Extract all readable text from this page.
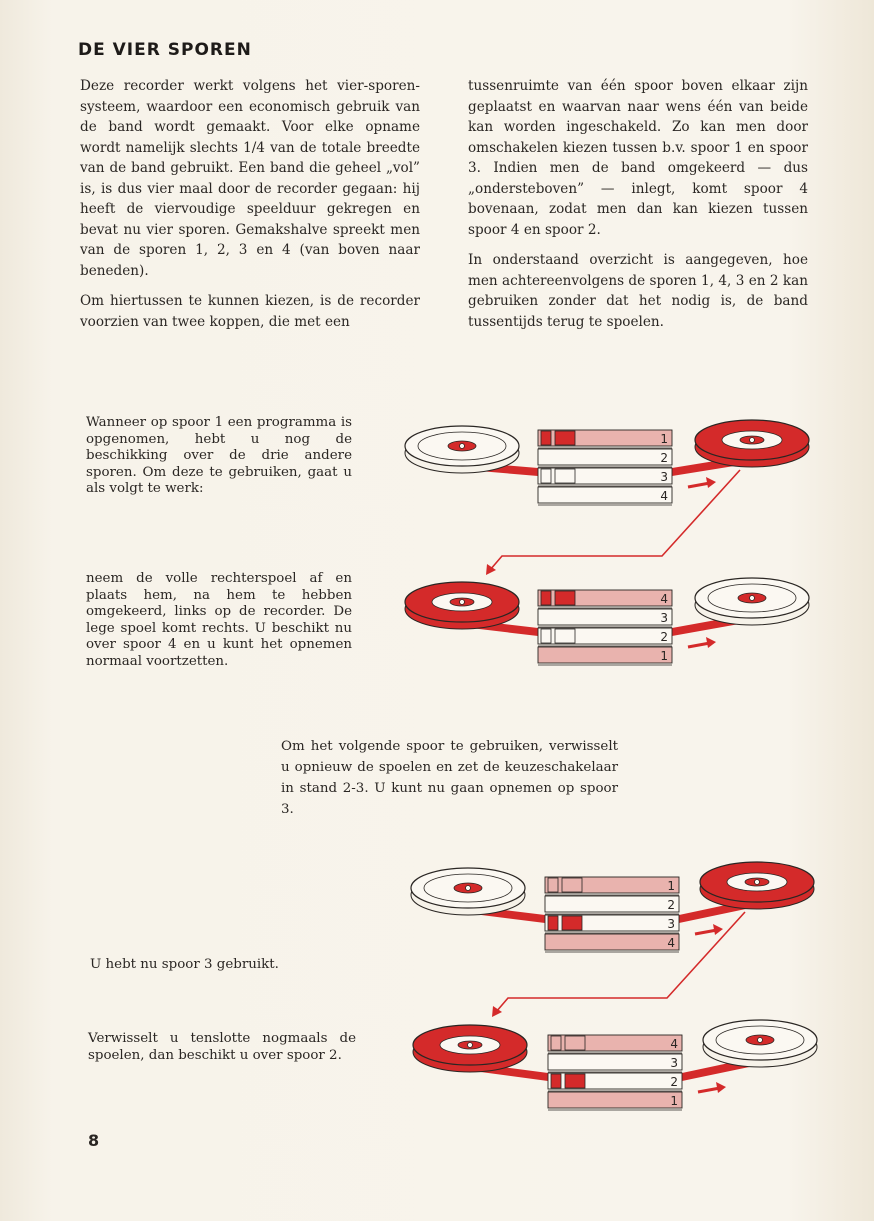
DE VIER SPOREN

Deze recorder werkt volgens het vier-sporen-systeem, waardoor een economisch gebruik van de band wordt gemaakt. Voor elke opname wordt namelijk slechts 1/4 van de totale breedte van de band gebruikt. Een band die geheel „vol” is, is dus vier maal door de recorder gegaan: hij heeft de viervoudige speelduur gekregen en bevat nu vier sporen. Gemakshalve spreekt men van de sporen 1, 2, 3 en 4 (van boven naar beneden).

Om hiertussen te kunnen kiezen, is de recorder voorzien van twee koppen, die met een

tussenruimte van één spoor boven elkaar zijn geplaatst en waarvan naar wens één van beide kan worden ingeschakeld. Zo kan men door omschakelen kiezen tussen b.v. spoor 1 en spoor 3. Indien men de band omgekeerd — dus „ondersteboven” — inlegt, komt spoor 4 bovenaan, zodat men dan kan kiezen tussen spoor 4 en spoor 2.

In onderstaand overzicht is aangegeven, hoe men achtereenvolgens de sporen 1, 4, 3 en 2 kan gebruiken zonder dat het nodig is, de band tussentijds terug te spoelen.

Wanneer op spoor 1 een programma is opgenomen, hebt u nog de beschikking over de drie andere sporen. Om deze te gebruiken, gaat u als volgt te werk:
neem de volle rechterspoel af en plaats hem, na hem te hebben omgekeerd, links op de recorder. De lege spoel komt rechts. U beschikt nu over spoor 4 en u kunt het opnemen normaal voortzetten.
Om het volgende spoor te gebruiken, verwisselt u opnieuw de spoelen en zet de keuzeschakelaar in stand 2-3. U kunt nu gaan opnemen op spoor 3.
U hebt nu spoor 3 gebruikt.
Verwisselt u tenslotte nogmaals de spoelen, dan beschikt u over spoor 2.
1
2
3
4
4
3
2
1
1
2
3
4
4
3
2
1
8
